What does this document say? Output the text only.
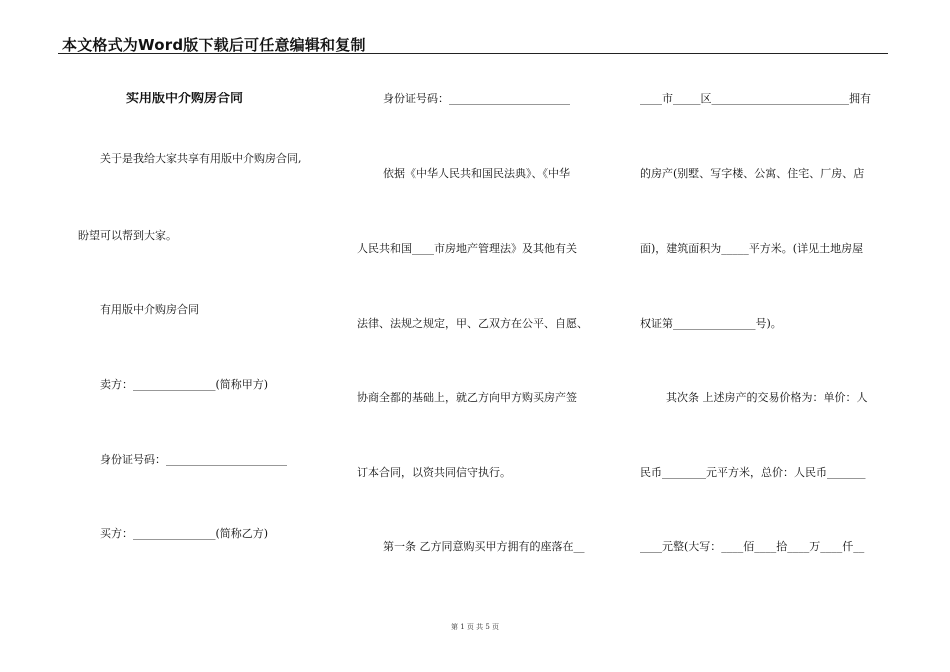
本文格式为Word版下载后可任意编辑和复制
实用版中介购房合同
关于是我给大家共享有用版中介购房合同,
盼望可以帮到大家。
有用版中介购房合同
卖方：_______________(简称甲方)
身份证号码：______________________
买方：_______________(简称乙方)
身份证号码：______________________
依据《中华人民共和国民法典》、《中华
人民共和国____市房地产管理法》及其他有关
法律、法规之规定，甲、乙双方在公平、自愿、
协商全都的基础上，就乙方向甲方购买房产签
订本合同，以资共同信守执行。
第一条 乙方同意购买甲方拥有的座落在__
____市_____区_________________________拥有
的房产(别墅、写字楼、公寓、住宅、厂房、店
面)，建筑面积为_____平方米。(详见土地房屋
权证第_______________号)。
其次条 上述房产的交易价格为：单价：人
民币________元平方米，总价：人民币_______
____元整(大写：____佰____拾____万____仟__
第 1 页 共 5 页
